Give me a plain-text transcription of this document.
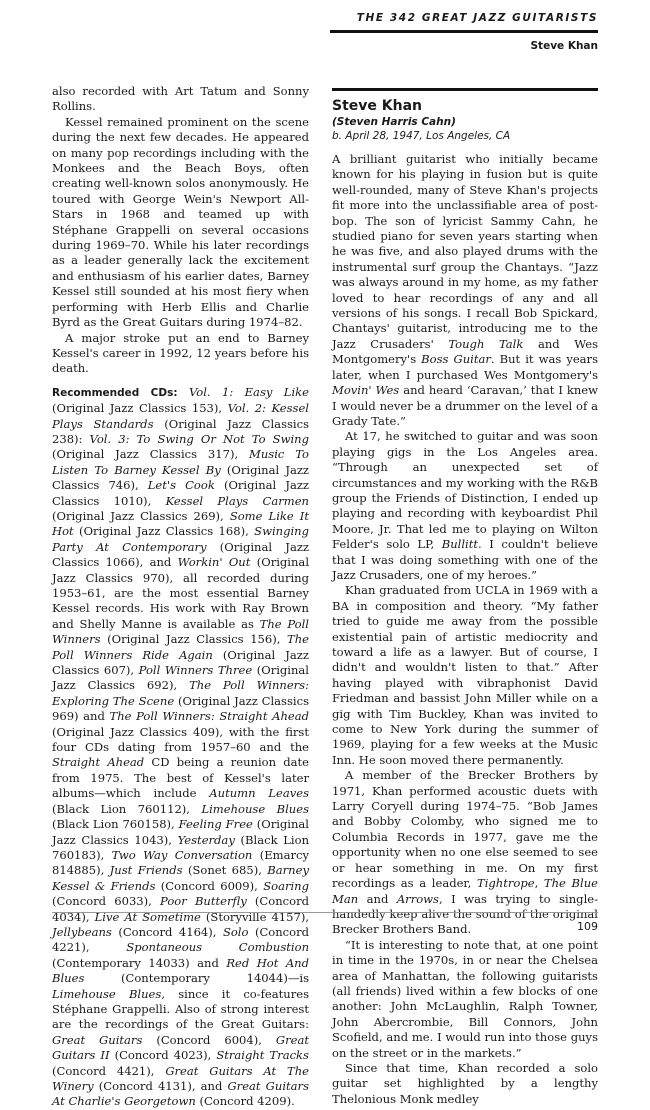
THE 342 GREAT JAZZ GUITARISTS
Steve Khan

also recorded with Art Tatum and Sonny Rollins.

Kessel remained prominent on the scene during the next few decades. He appeared on many pop recordings including with the Monkees and the Beach Boys, often creating well-known solos anonymously. He toured with George Wein's Newport All-Stars in 1968 and teamed up with Stéphane Grappelli on several occasions during 1969–70. While his later recordings as a leader generally lack the excitement and enthusiasm of his earlier dates, Barney Kessel still sounded at his most fiery when performing with Herb Ellis and Charlie Byrd as the Great Guitars during 1974–82.

A major stroke put an end to Barney Kessel's career in 1992, 12 years before his death.

Recommended CDs: Vol. 1: Easy Like (Original Jazz Classics 153), Vol. 2: Kessel Plays Standards (Original Jazz Classics 238): Vol. 3: To Swing Or Not To Swing (Original Jazz Classics 317), Music To Listen To Barney Kessel By (Original Jazz Classics 746), Let's Cook (Original Jazz Classics 1010), Kessel Plays Carmen (Original Jazz Classics 269), Some Like It Hot (Original Jazz Classics 168), Swinging Party At Contemporary (Original Jazz Classics 1066), and Workin' Out (Original Jazz Classics 970), all recorded during 1953–61, are the most essential Barney Kessel records. His work with Ray Brown and Shelly Manne is available as The Poll Winners (Original Jazz Classics 156), The Poll Winners Ride Again (Original Jazz Classics 607), Poll Winners Three (Original Jazz Classics 692), The Poll Winners: Exploring The Scene (Original Jazz Classics 969) and The Poll Winners: Straight Ahead (Original Jazz Classics 409), with the first four CDs dating from 1957–60 and the Straight Ahead CD being a reunion date from 1975. The best of Kessel's later albums—which include Autumn Leaves (Black Lion 760112), Limehouse Blues (Black Lion 760158), Feeling Free (Original Jazz Classics 1043), Yesterday (Black Lion 760183), Two Way Conversation (Emarcy 814885), Just Friends (Sonet 685), Barney Kessel & Friends (Concord 6009), Soaring (Concord 6033), Poor Butterfly (Concord 4034), Live At Sometime (Storyville 4157), Jellybeans (Concord 4164), Solo (Concord 4221), Spontaneous Combustion (Contemporary 14033) and Red Hot And Blues (Contemporary 14044)—is Limehouse Blues, since it co-features Stéphane Grappelli. Also of strong interest are the recordings of the Great Guitars: Great Guitars (Concord 6004), Great Guitars II (Concord 4023), Straight Tracks (Concord 4421), Great Guitars At The Winery (Concord 4131), and Great Guitars At Charlie's Georgetown (Concord 4209).

Steve Khan
(Steven Harris Cahn)
b. April 28, 1947, Los Angeles, CA

A brilliant guitarist who initially became known for his playing in fusion but is quite well-rounded, many of Steve Khan's projects fit more into the unclassifiable area of post-bop. The son of lyricist Sammy Cahn, he studied piano for seven years starting when he was five, and also played drums with the instrumental surf group the Chantays. “Jazz was always around in my home, as my father loved to hear recordings of any and all versions of his songs. I recall Bob Spickard, Chantays' guitarist, introducing me to the Jazz Crusaders' Tough Talk and Wes Montgomery's Boss Guitar. But it was years later, when I purchased Wes Montgomery's Movin' Wes and heard ‘Caravan,’ that I knew I would never be a drummer on the level of a Grady Tate.”

At 17, he switched to guitar and was soon playing gigs in the Los Angeles area. “Through an unexpected set of circumstances and my working with the R&B group the Friends of Distinction, I ended up playing and recording with keyboardist Phil Moore, Jr. That led me to playing on Wilton Felder's solo LP, Bullitt. I couldn't believe that I was doing something with one of the Jazz Crusaders, one of my heroes.”

Khan graduated from UCLA in 1969 with a BA in composition and theory. “My father tried to guide me away from the possible existential pain of artistic mediocrity and toward a life as a lawyer. But of course, I didn't and wouldn't listen to that.” After having played with vibraphonist David Friedman and bassist John Miller while on a gig with Tim Buckley, Khan was invited to come to New York during the summer of 1969, playing for a few weeks at the Music Inn. He soon moved there permanently.

A member of the Brecker Brothers by 1971, Khan performed acoustic duets with Larry Coryell during 1974–75. “Bob James and Bobby Colomby, who signed me to Columbia Records in 1977, gave me the opportunity when no one else seemed to see or hear something in me. On my first recordings as a leader, Tightrope, The Blue Man and Arrows, I was trying to single-handedly keep alive the sound of the original Brecker Brothers Band.

“It is interesting to note that, at one point in time in the 1970s, in or near the Chelsea area of Manhattan, the following guitarists (all friends) lived within a few blocks of one another: John McLaughlin, Ralph Towner, John Abercrombie, Bill Connors, John Scofield, and me. I would run into those guys on the street or in the markets.”

Since that time, Khan recorded a solo guitar set highlighted by a lengthy Thelonious Monk medley

109
